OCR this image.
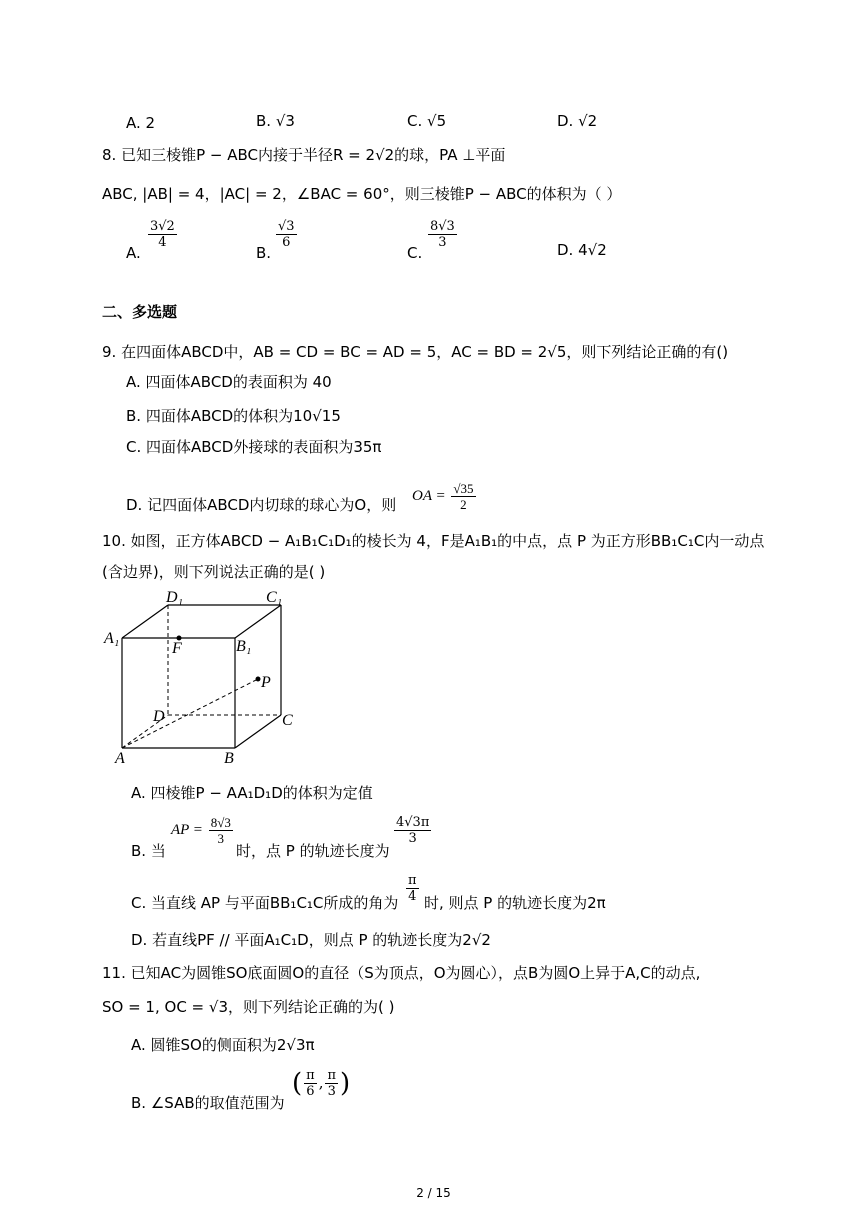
A. 2	B. √3	C. √5	D. √2
8. 已知三棱锥P − ABC内接于半径R = 2√2的球，PA ⊥平面
ABC, |AB| = 4，|AC| = 2，∠BAC = 60°，则三棱锥P − ABC的体积为（ ）
A.
$\frac{3√2}{4}$
B.
$\frac{√3}{6}$
C.
$\frac{8√3}{3}$	D. 4√2
二、多选题
9. 在四面体ABCD中，AB = CD = BC = AD = 5，AC = BD = 2√5，则下列结论正确的有()
A. 四面体ABCD的表面积为 40
B. 四面体ABCD的体积为10√15
C. 四面体ABCD外接球的表面积为35π
D. 记四面体ABCD内切球的球心为O，则
OA = $\frac{√35}{2}$
10. 如图，正方体ABCD − A₁B₁C₁D₁的棱长为 4，F是A₁B₁的中点，点 P 为正方形BB₁C₁C内一动点
(含边界)，则下列说法正确的是( )
D₁	C₁
A₁	B₁
F
P
D	C
A	B
A. 四棱锥P − AA₁D₁D的体积为定值
B. 当
AP = $\frac{8√3}{3}$
时，点 P 的轨迹长度为
$\frac{4√3\pi}{3}$
C. 当直线 AP 与平面BB₁C₁C所成的角为 $\frac{\pi}{4}$ 时, 则点 P 的轨迹长度为2π
D. 若直线PF // 平面A₁C₁D，则点 P 的轨迹长度为2√2
11. 已知AC为圆锥SO底面圆O的直径（S为顶点，O为圆心），点B为圆O上异于A,C的动点,
SO = 1, OC = √3，则下列结论正确的为( )
A. 圆锥SO的侧面积为2√3π
B. ∠SAB的取值范围为
( $\frac{\pi}{6}$ , $\frac{\pi}{3}$ )
2 / 15
